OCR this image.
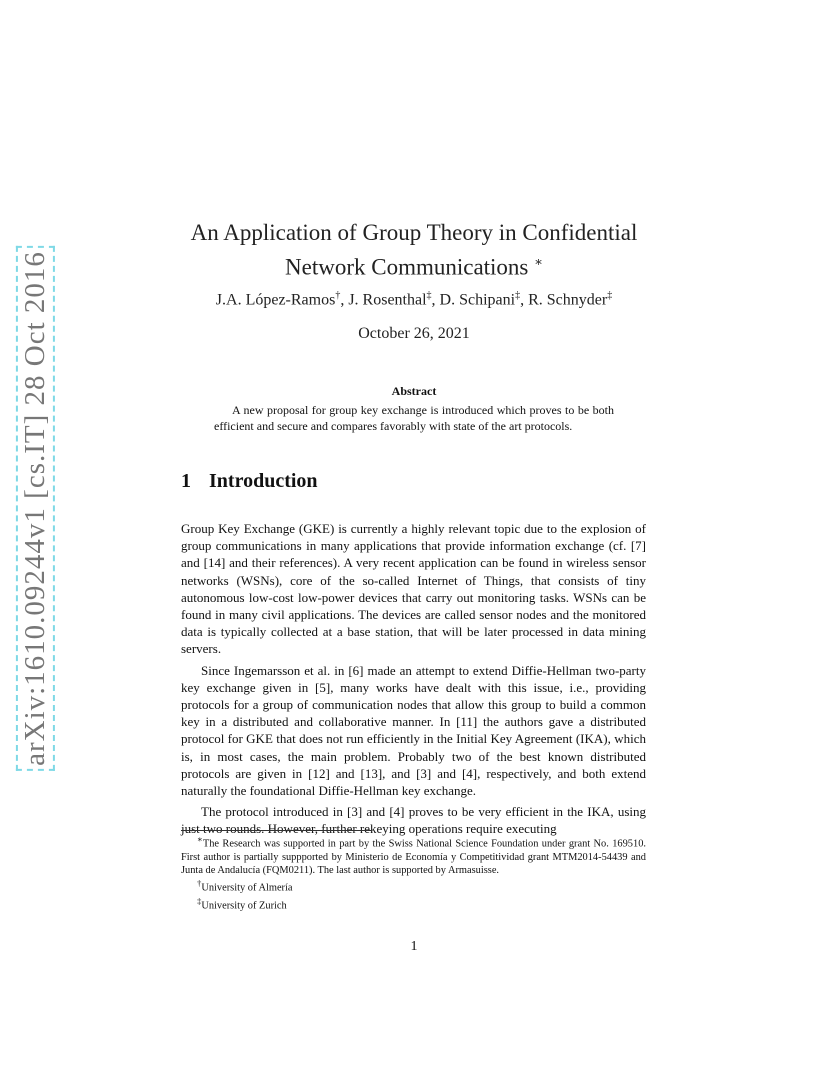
arXiv:1610.09244v1 [cs.IT] 28 Oct 2016
An Application of Group Theory in Confidential
Network Communications ∗
J.A. López-Ramos†, J. Rosenthal‡, D. Schipani‡, R. Schnyder‡
October 26, 2021
Abstract

A new proposal for group key exchange is introduced which proves to be both efficient and secure and compares favorably with state of the art protocols.

1 Introduction

Group Key Exchange (GKE) is currently a highly relevant topic due to the explosion of group communications in many applications that provide information exchange (cf. [7] and [14] and their references). A very recent application can be found in wireless sensor networks (WSNs), core of the so-called Internet of Things, that consists of tiny autonomous low-cost low-power devices that carry out monitoring tasks. WSNs can be found in many civil applications. The devices are called sensor nodes and the monitored data is typically collected at a base station, that will be later processed in data mining servers.

Since Ingemarsson et al. in [6] made an attempt to extend Diffie-Hellman two-party key exchange given in [5], many works have dealt with this issue, i.e., providing protocols for a group of communication nodes that allow this group to build a common key in a distributed and collaborative manner. In [11] the authors gave a distributed protocol for GKE that does not run efficiently in the Initial Key Agreement (IKA), which is, in most cases, the main problem. Probably two of the best known distributed protocols are given in [12] and [13], and [3] and [4], respectively, and both extend naturally the foundational Diffie-Hellman key exchange.

The protocol introduced in [3] and [4] proves to be very efficient in the IKA, using just two rounds. However, further rekeying operations require executing

∗The Research was supported in part by the Swiss National Science Foundation under grant No. 169510. First author is partially suppported by Ministerio de Economía y Competitividad grant MTM2014-54439 and Junta de Andalucía (FQM0211). The last author is supported by Armasuisse.

†University of Almería

‡University of Zurich

1
